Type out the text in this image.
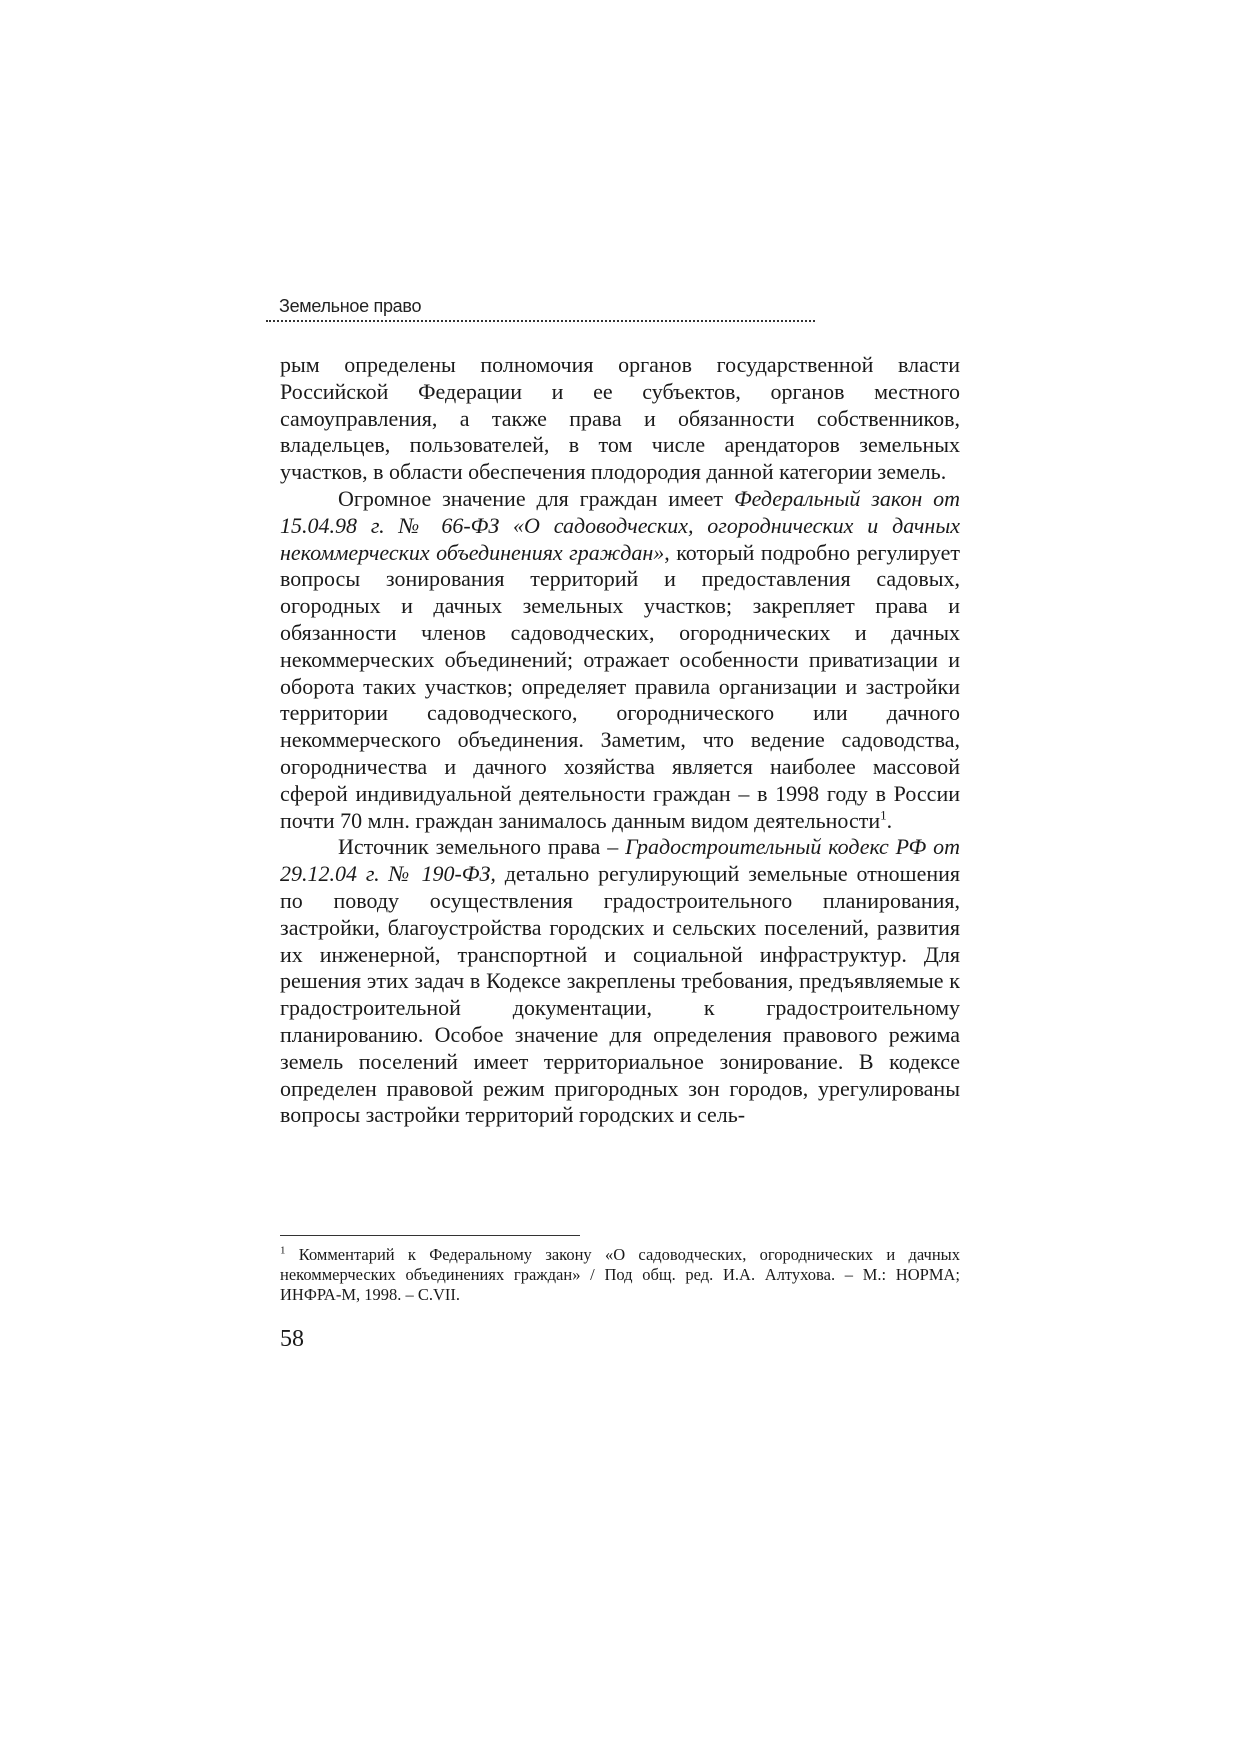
Земельное право

рым определены полномочия органов государственной власти Российской Федерации и ее субъектов, органов местного самоуправления, а также права и обязанности собственников, владельцев, пользователей, в том числе арендаторов земельных участков, в области обеспечения плодородия данной категории земель.

Огромное значение для граждан имеет Федеральный закон от 15.04.98 г. № 66-ФЗ «О садоводческих, огороднических и дачных некоммерческих объединениях граждан», который подробно регулирует вопросы зонирования территорий и предоставления садовых, огородных и дачных земельных участков; закрепляет права и обязанности членов садоводческих, огороднических и дачных некоммерческих объединений; отражает особенности приватизации и оборота таких участков; определяет правила организации и застройки территории садоводческого, огороднического или дачного некоммерческого объединения. Заметим, что ведение садоводства, огородничества и дачного хозяйства является наиболее массовой сферой индивидуальной деятельности граждан – в 1998 году в России почти 70 млн. граждан занималось данным видом деятельности$^1$.

Источник земельного права – Градостроительный кодекс РФ от 29.12.04 г. № 190-ФЗ, детально регулирующий земельные отношения по поводу осуществления градостроительного планирования, застройки, благоустройства городских и сельских поселений, развития их инженерной, транспортной и социальной инфраструктур. Для решения этих задач в Кодексе закреплены требования, предъявляемые к градостроительной документации, к градостроительному планированию. Особое значение для определения правового режима земель поселений имеет территориальное зонирование. В кодексе определен правовой режим пригородных зон городов, урегулированы вопросы застройки территорий городских и сель-

$^1$ Комментарий к Федеральному закону «О садоводческих, огороднических и дачных некоммерческих объединениях граждан» / Под общ. ред. И.А. Алтухова. – М.: НОРМА; ИНФРА-М, 1998. – С.VII.
58
